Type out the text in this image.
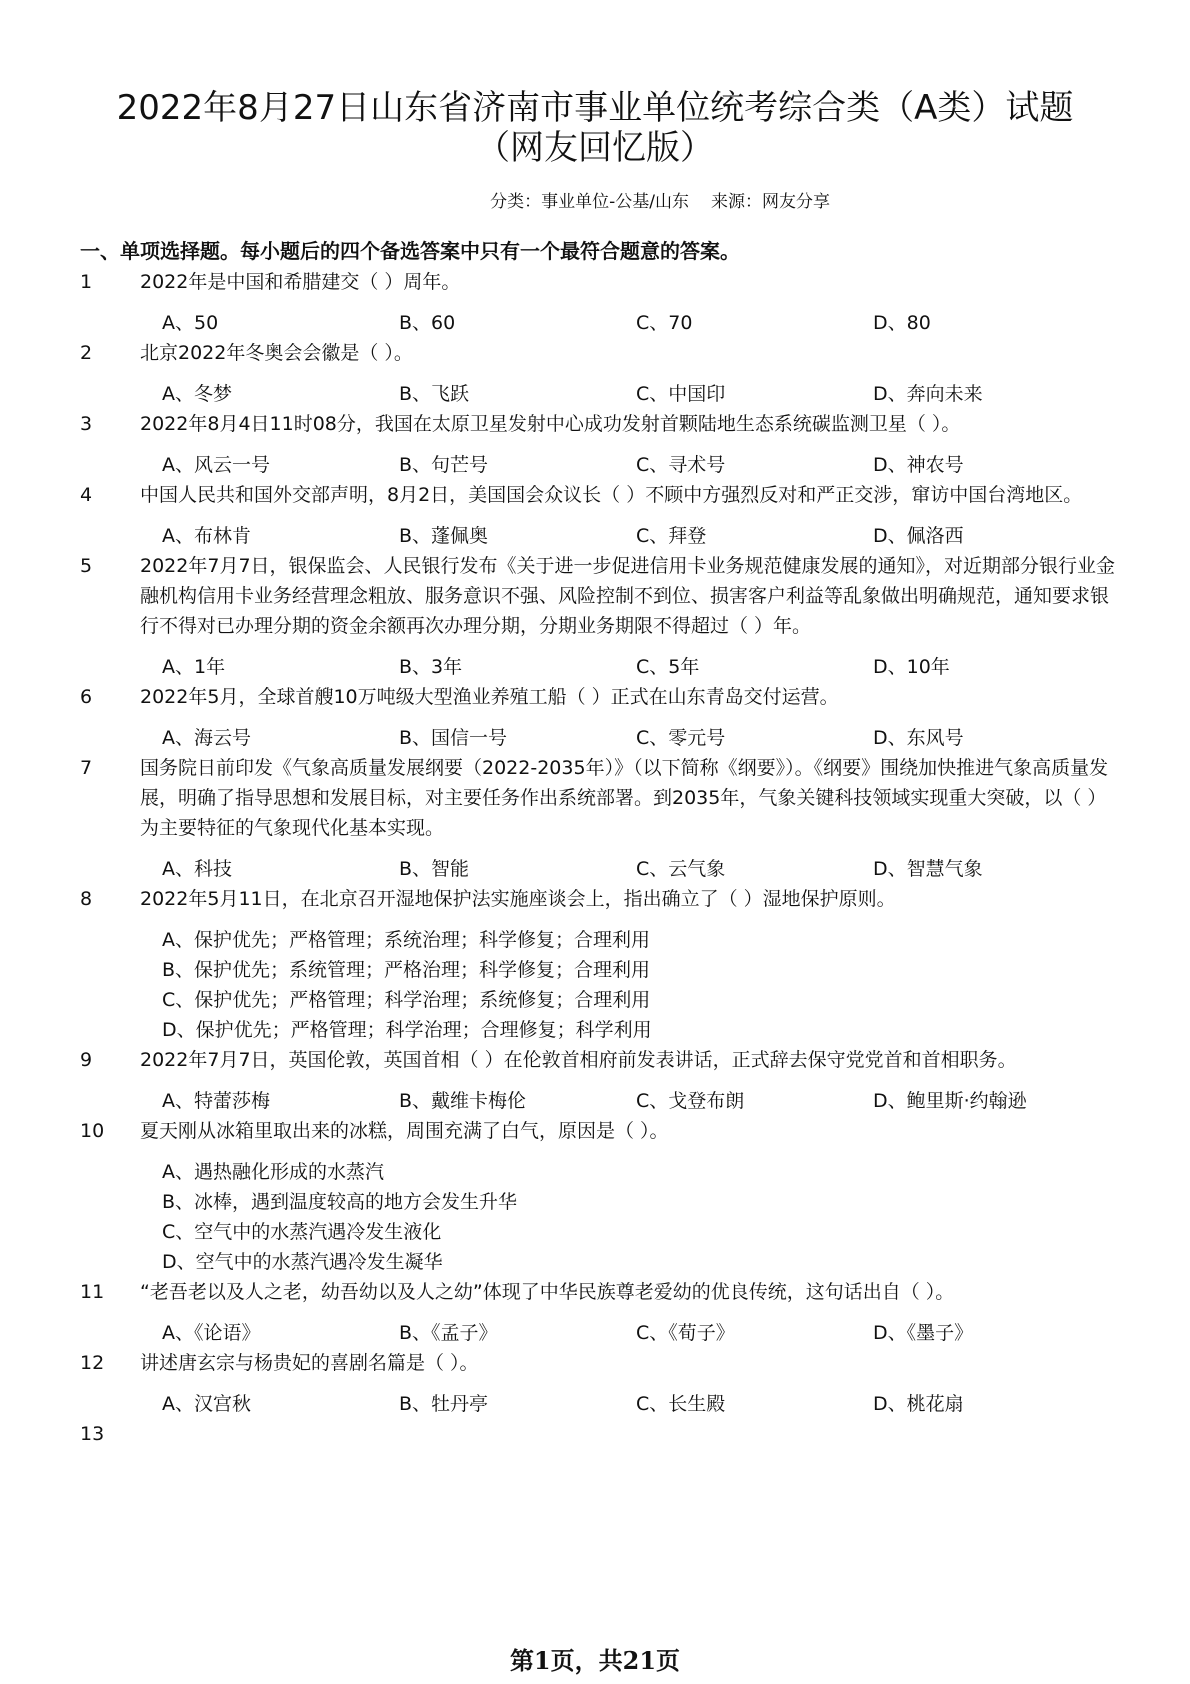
2022年8月27日山东省济南市事业单位统考综合类（A类）试题
（网友回忆版）
分类：事业单位-公基/山东 来源：网友分享
一、单项选择题。每小题后的四个备选答案中只有一个最符合题意的答案。
1	2022年是中国和希腊建交（ ）周年。
A、50	B、60	C、70	D、80
2	北京2022年冬奥会会徽是（ ）。
A、冬梦	B、飞跃	C、中国印	D、奔向未来
3	2022年8月4日11时08分，我国在太原卫星发射中心成功发射首颗陆地生态系统碳监测卫星（ ）。
A、风云一号	B、句芒号	C、寻术号	D、神农号
4	中国人民共和国外交部声明，8月2日，美国国会众议长（ ）不顾中方强烈反对和严正交涉，窜访中国台湾地区。
A、布林肯	B、蓬佩奥	C、拜登	D、佩洛西
5	2022年7月7日，银保监会、人民银行发布《关于进一步促进信用卡业务规范健康发展的通知》，对近期部分银行业金融机构信用卡业务经营理念粗放、服务意识不强、风险控制不到位、损害客户利益等乱象做出明确规范，通知要求银行不得对已办理分期的资金余额再次办理分期，分期业务期限不得超过（ ）年。
A、1年	B、3年	C、5年	D、10年
6	2022年5月，全球首艘10万吨级大型渔业养殖工船（ ）正式在山东青岛交付运营。
A、海云号	B、国信一号	C、零元号	D、东风号
7	国务院日前印发《气象高质量发展纲要（2022-2035年）》（以下简称《纲要》）。《纲要》围绕加快推进气象高质量发展，明确了指导思想和发展目标，对主要任务作出系统部署。到2035年，气象关键科技领域实现重大突破，以（ ）为主要特征的气象现代化基本实现。
A、科技	B、智能	C、云气象	D、智慧气象
8	2022年5月11日，在北京召开湿地保护法实施座谈会上，指出确立了（ ）湿地保护原则。
A、保护优先；严格管理；系统治理；科学修复；合理利用
B、保护优先；系统管理；严格治理；科学修复；合理利用
C、保护优先；严格管理；科学治理；系统修复；合理利用
D、保护优先；严格管理；科学治理；合理修复；科学利用
9	2022年7月7日，英国伦敦，英国首相（ ）在伦敦首相府前发表讲话，正式辞去保守党党首和首相职务。
A、特蕾莎梅	B、戴维卡梅伦	C、戈登布朗	D、鲍里斯·约翰逊
10	夏天刚从冰箱里取出来的冰糕，周围充满了白气，原因是（ ）。
A、遇热融化形成的水蒸汽
B、冰棒，遇到温度较高的地方会发生升华
C、空气中的水蒸汽遇冷发生液化
D、空气中的水蒸汽遇冷发生凝华
11	“老吾老以及人之老，幼吾幼以及人之幼”体现了中华民族尊老爱幼的优良传统，这句话出自（ ）。
A、《论语》	B、《孟子》	C、《荀子》	D、《墨子》
12	讲述唐玄宗与杨贵妃的喜剧名篇是（ ）。
A、汉宫秋	B、牡丹亭	C、长生殿	D、桃花扇
13
第1页，共21页
